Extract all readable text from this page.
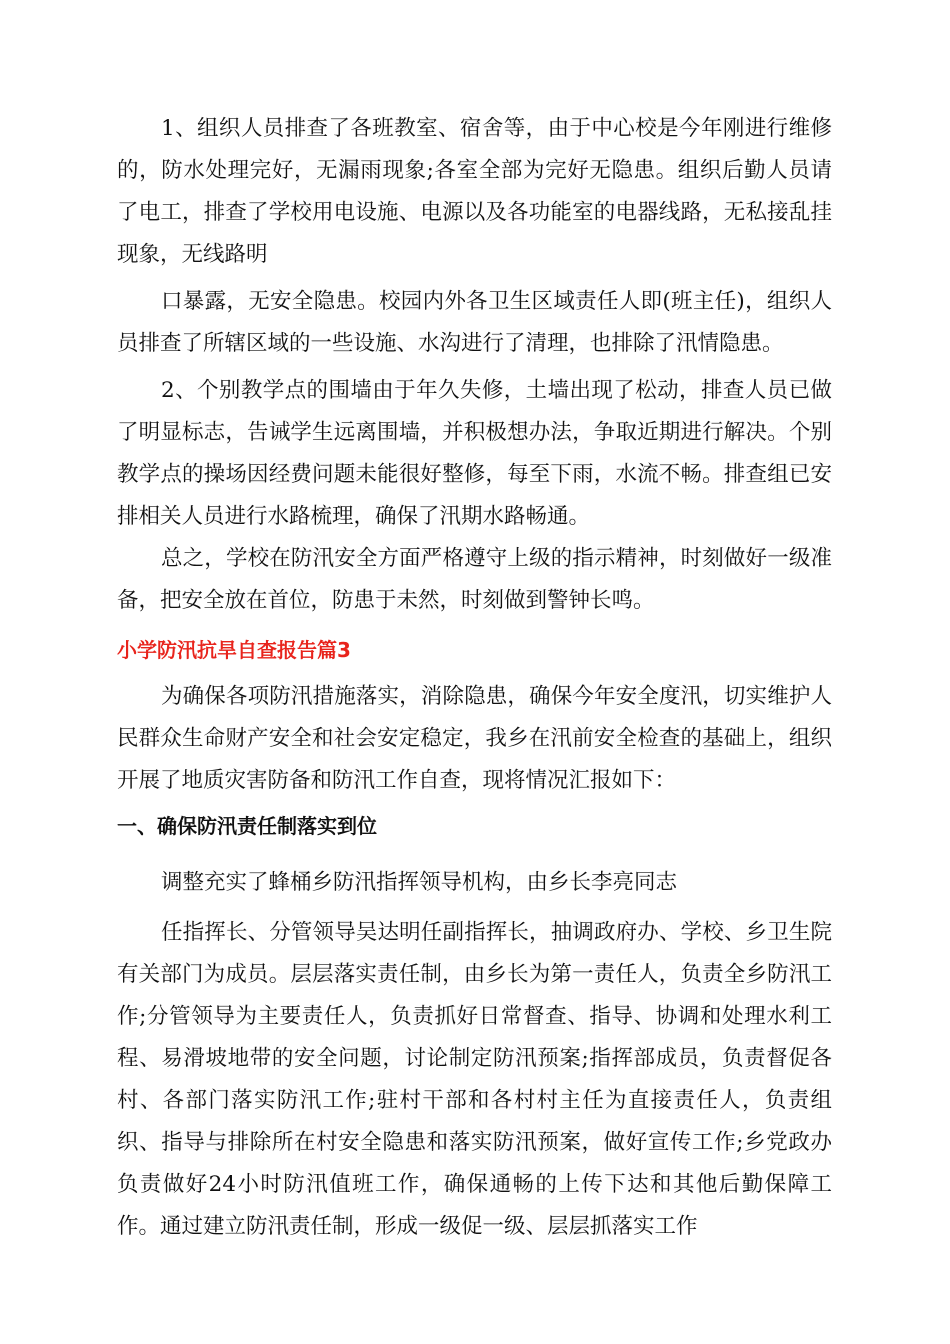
1、组织人员排查了各班教室、宿舍等，由于中心校是今年刚进行维修的，防水处理完好，无漏雨现象;各室全部为完好无隐患。组织后勤人员请了电工，排查了学校用电设施、电源以及各功能室的电器线路，无私接乱挂现象，无线路明

口暴露，无安全隐患。校园内外各卫生区域责任人即(班主任)，组织人员排查了所辖区域的一些设施、水沟进行了清理，也排除了汛情隐患。

2、个别教学点的围墙由于年久失修，土墙出现了松动，排查人员已做了明显标志，告诫学生远离围墙，并积极想办法，争取近期进行解决。个别教学点的操场因经费问题未能很好整修，每至下雨，水流不畅。排查组已安排相关人员进行水路梳理，确保了汛期水路畅通。

总之，学校在防汛安全方面严格遵守上级的指示精神，时刻做好一级准备，把安全放在首位，防患于未然，时刻做到警钟长鸣。

小学防汛抗旱自查报告篇3

为确保各项防汛措施落实，消除隐患，确保今年安全度汛，切实维护人民群众生命财产安全和社会安定稳定，我乡在汛前安全检查的基础上，组织开展了地质灾害防备和防汛工作自查，现将情况汇报如下：

一、确保防汛责任制落实到位

调整充实了蜂桶乡防汛指挥领导机构，由乡长李亮同志

任指挥长、分管领导吴达明任副指挥长，抽调政府办、学校、乡卫生院有关部门为成员。层层落实责任制，由乡长为第一责任人，负责全乡防汛工作;分管领导为主要责任人，负责抓好日常督查、指导、协调和处理水利工程、易滑坡地带的安全问题，讨论制定防汛预案;指挥部成员，负责督促各村、各部门落实防汛工作;驻村干部和各村村主任为直接责任人，负责组织、指导与排除所在村安全隐患和落实防汛预案，做好宣传工作;乡党政办负责做好24小时防汛值班工作，确保通畅的上传下达和其他后勤保障工作。通过建立防汛责任制，形成一级促一级、层层抓落实工作
